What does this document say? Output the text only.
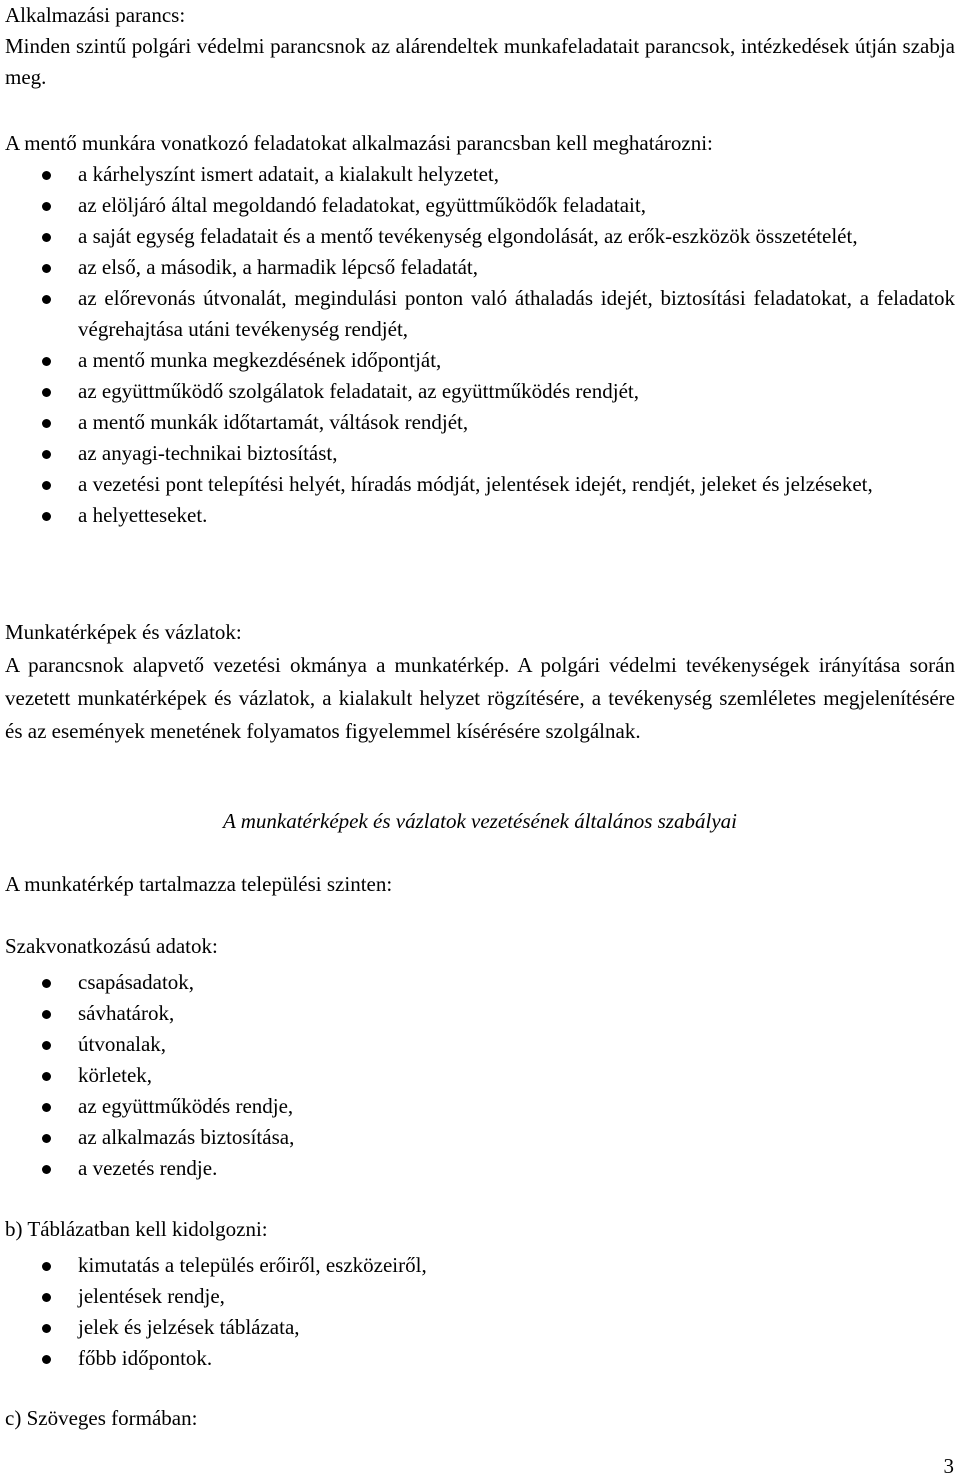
Alkalmazási parancs:

Minden szintű polgári védelmi parancsnok az alárendeltek munkafeladatait parancsok, intézkedések útján szabja meg.

A mentő munkára vonatkozó feladatokat alkalmazási parancsban kell meghatározni:

a kárhelyszínt ismert adatait, a kialakult helyzetet,
az elöljáró által megoldandó feladatokat, együttműködők feladatait,
a saját egység feladatait és a mentő tevékenység elgondolását, az erők-eszközök összetételét,
az első, a második, a harmadik lépcső feladatát,
az előrevonás útvonalát, megindulási ponton való áthaladás idejét, biztosítási feladatokat, a feladatok végrehajtása utáni tevékenység rendjét,
a mentő munka megkezdésének időpontját,
az együttműködő szolgálatok feladatait, az együttműködés rendjét,
a mentő munkák időtartamát, váltások rendjét,
az anyagi-technikai biztosítást,
a vezetési pont telepítési helyét, híradás módját, jelentések idejét, rendjét, jeleket és jelzéseket,
a helyetteseket.

Munkatérképek és vázlatok:

A parancsnok alapvető vezetési okmánya a munkatérkép. A polgári védelmi tevékenységek irányítása során vezetett munkatérképek és vázlatok, a kialakult helyzet rögzítésére, a tevékenység szemléletes megjelenítésére és az események menetének folyamatos figyelemmel kísérésére szolgálnak.

A munkatérképek és vázlatok vezetésének általános szabályai

A munkatérkép tartalmazza települési szinten:

Szakvonatkozású adatok:

csapásadatok,
sávhatárok,
útvonalak,
körletek,
az együttműködés rendje,
az alkalmazás biztosítása,
a vezetés rendje.

b) Táblázatban kell kidolgozni:

kimutatás a település erőiről, eszközeiről,
jelentések rendje,
jelek és jelzések táblázata,
főbb időpontok.

c) Szöveges formában:

3
